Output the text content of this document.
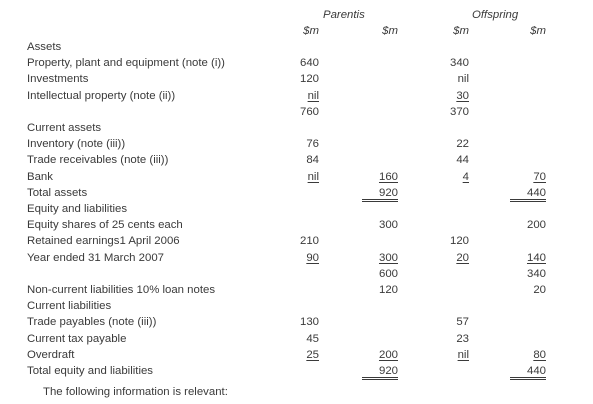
Parentis	Offspring
$m	$m	$m	$m
Assets
Property, plant and equipment (note (i))	640	340
Investments	120	nil
Intellectual property (note (ii))	nil	30
760	370
Current assets
Inventory (note (iii))	76	22
Trade receivables (note (iii))	84	44
Bank	nil	160	4	70
Total assets	920	440
Equity and liabilities
Equity shares of 25 cents each	300	200
Retained earnings1 April 2006	210	120
Year ended 31 March 2007	90	300	20	140
600	340
Non-current liabilities 10% loan notes	120	20
Current liabilities
Trade payables (note (iii))	130	57
Current tax payable	45	23
Overdraft	25	200	nil	80
Total equity and liabilities	920	440
The following information is relevant:
